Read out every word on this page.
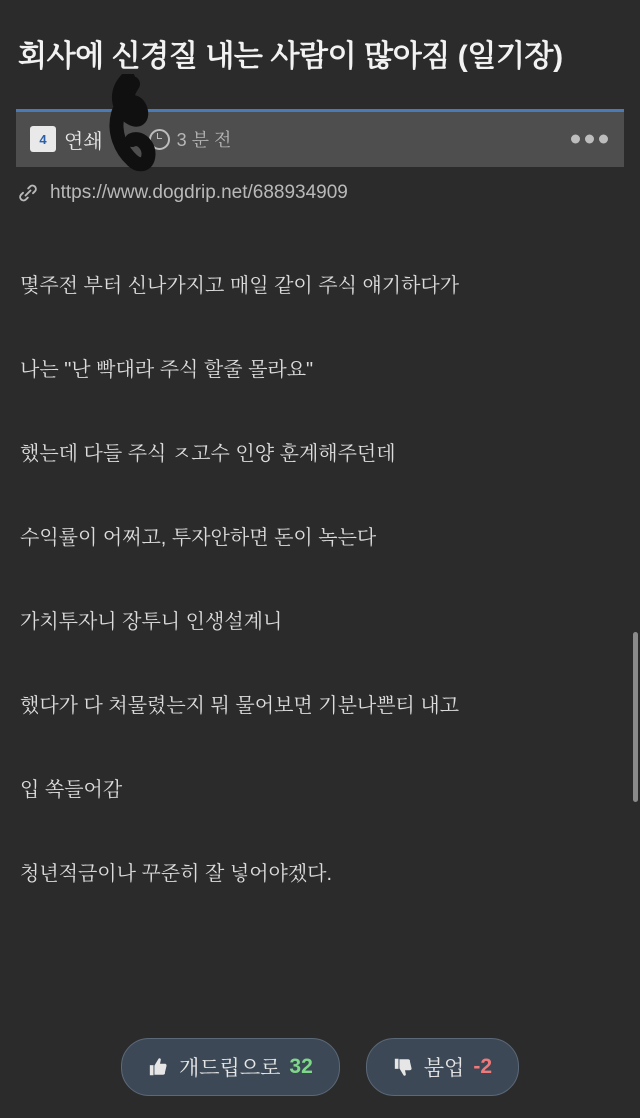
회사에 신경질 내는 사람이 많아짐 (일기장)
4 연쇄	3 분 전
https://www.dogdrip.net/688934909

몇주전 부터 신나가지고 매일 같이 주식 얘기하다가

나는 "난 빡대라 주식 할줄 몰라요"

했는데 다들 주식 ㅈ고수 인양 훈계해주던데

수익률이 어쩌고, 투자안하면 돈이 녹는다

가치투자니 장투니 인생설계니

했다가 다 쳐물렸는지 뭐 물어보면 기분나쁜티 내고

입 쏙들어감

청년적금이나 꾸준히 잘 넣어야겠다.

개드립으로 32	붐업 -2
